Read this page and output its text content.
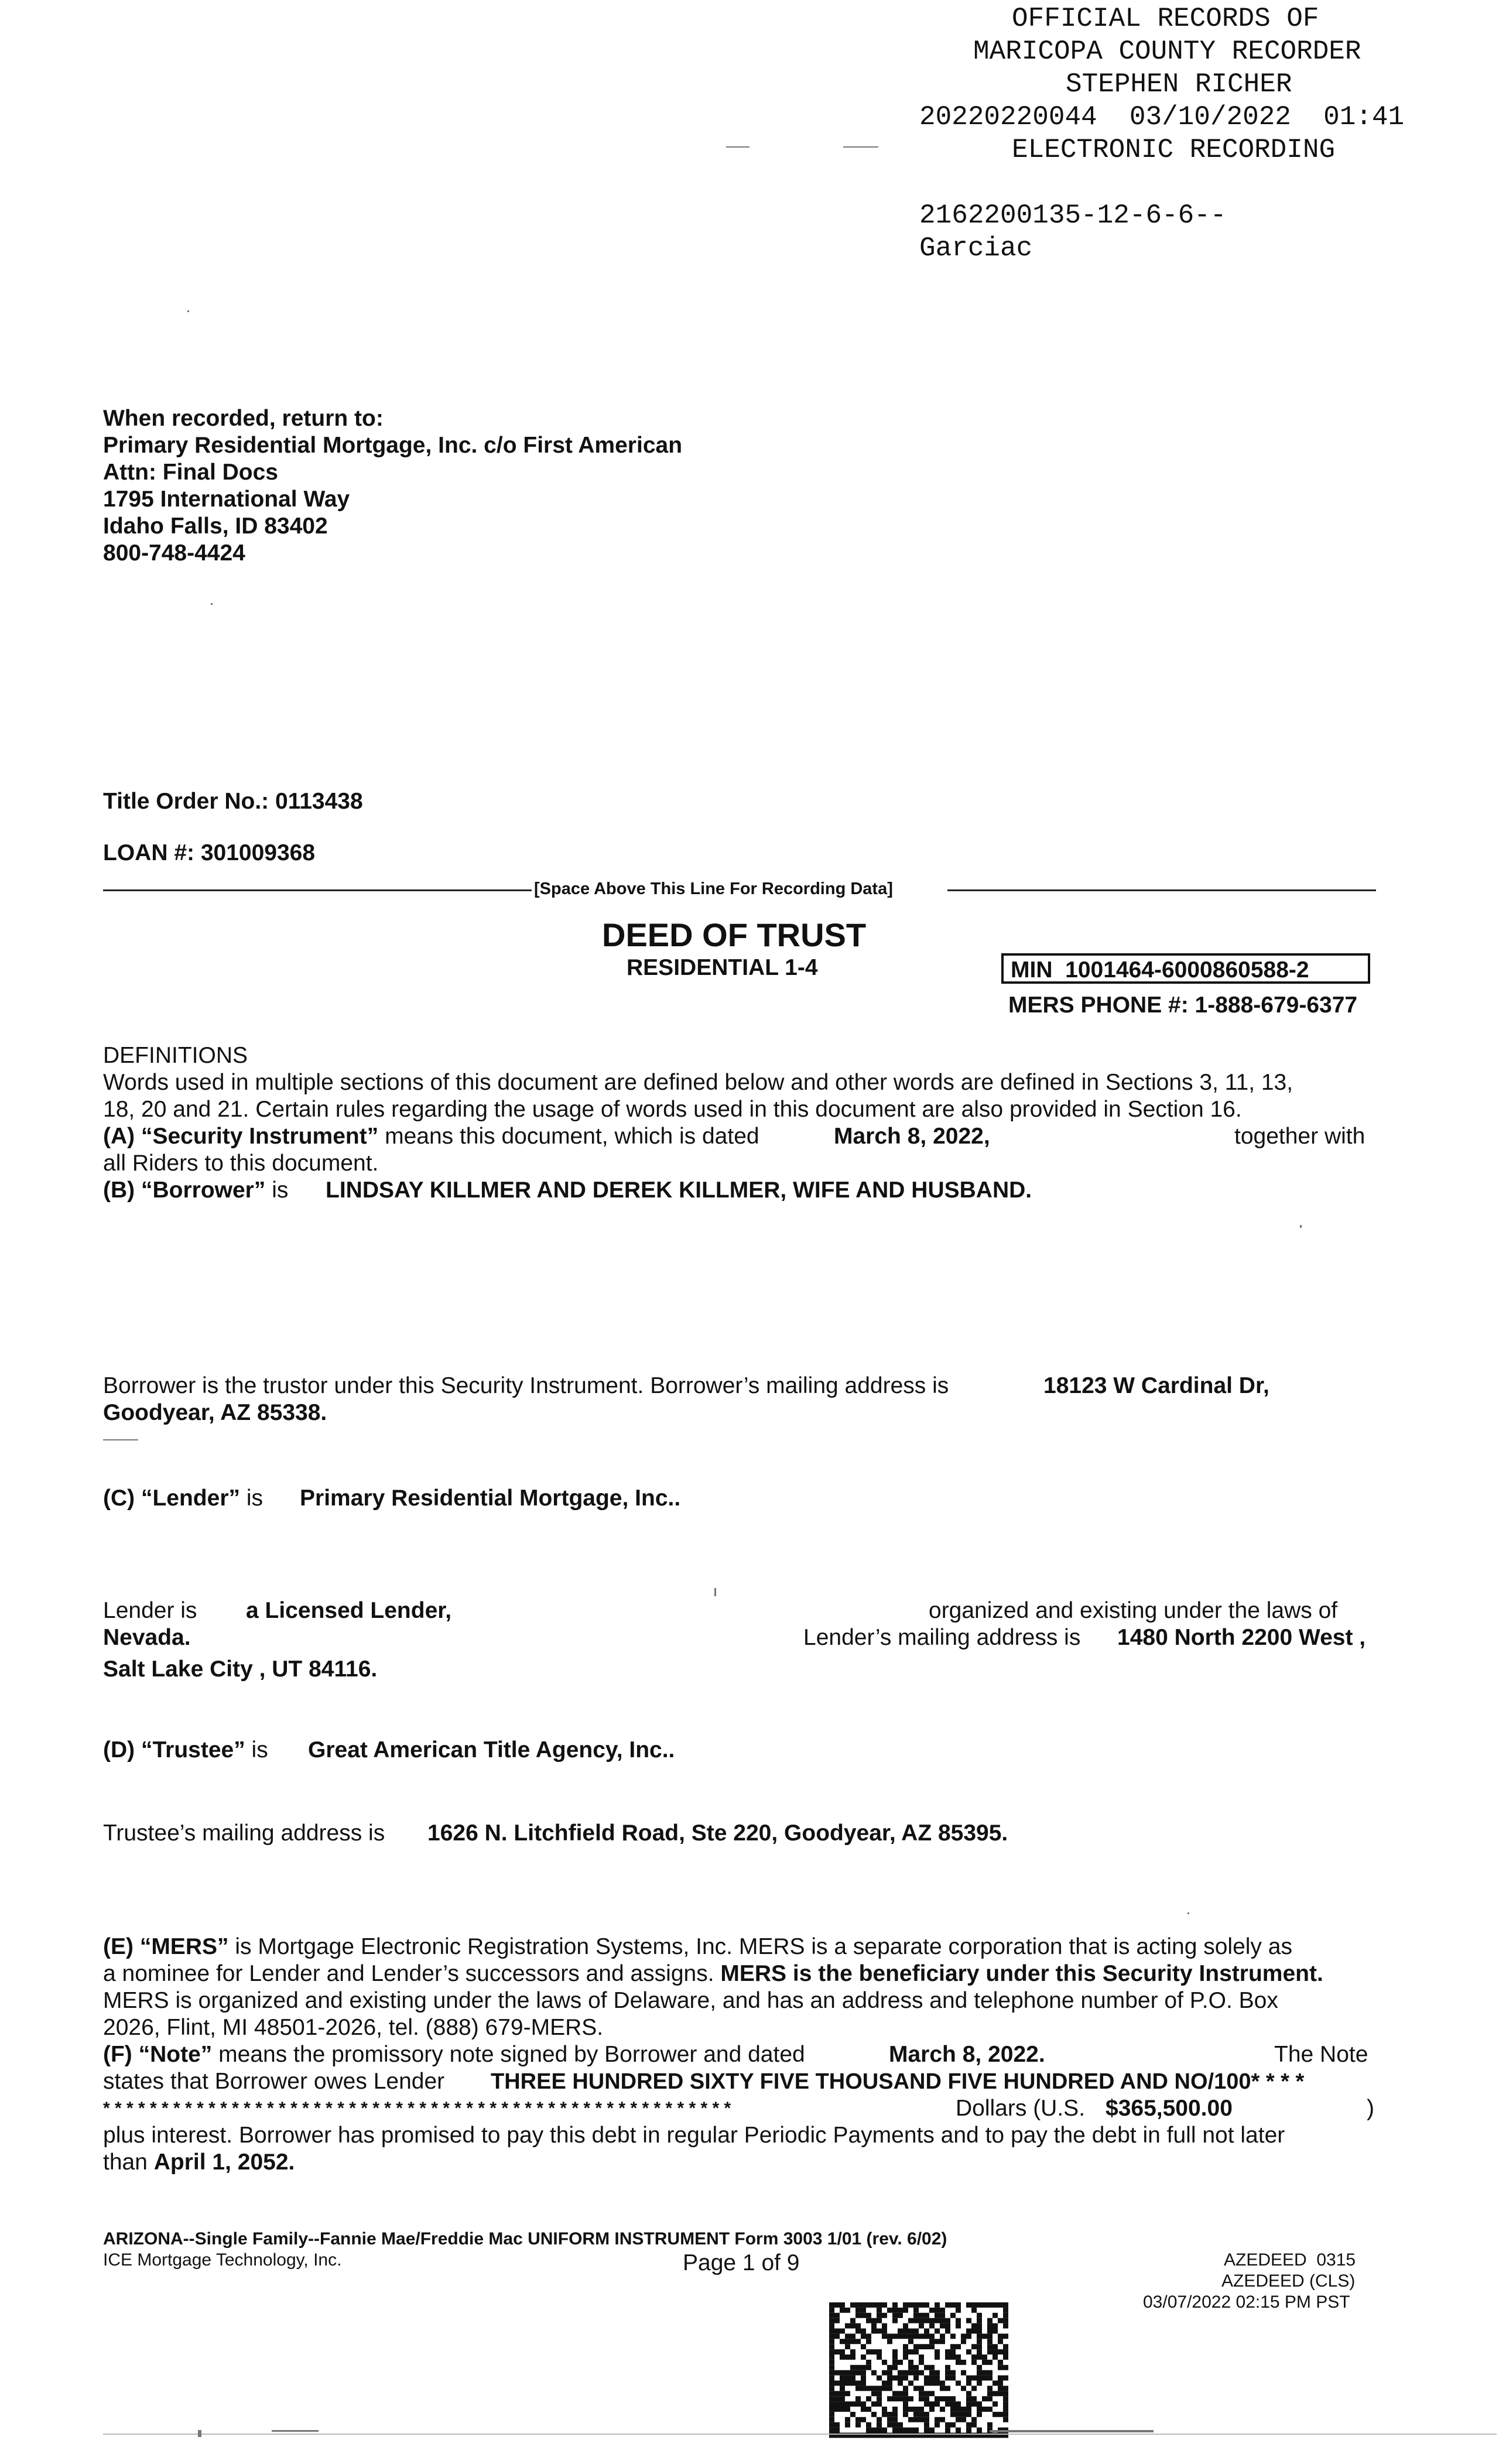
OFFICIAL RECORDS OF
MARICOPA COUNTY RECORDER
STEPHEN RICHER
20220220044  03/10/2022  01:41
ELECTRONIC RECORDING
2162200135-12-6-6--
Garciac
When recorded, return to:
Primary Residential Mortgage, Inc. c/o First American
Attn: Final Docs
1795 International Way
Idaho Falls, ID 83402
800-748-4424
Title Order No.: 0113438
LOAN #: 301009368
[Space Above This Line For Recording Data]
DEED OF TRUST
RESIDENTIAL 1-4	MIN 1001464-6000860588-2
MERS PHONE #: 1-888-679-6377
DEFINITIONS
Words used in multiple sections of this document are defined below and other words are defined in Sections 3, 11, 13,
18, 20 and 21. Certain rules regarding the usage of words used in this document are also provided in Section 16.
(A) “Security Instrument” means this document, which is dated	March 8, 2022,	together with
all Riders to this document.
(B) “Borrower” is LINDSAY KILLMER AND DEREK KILLMER, WIFE AND HUSBAND.
Borrower is the trustor under this Security Instrument. Borrower’s mailing address is	18123 W Cardinal Dr,
Goodyear, AZ 85338.
(C) “Lender” is Primary Residential Mortgage, Inc..
Lender is a Licensed Lender,	organized and existing under the laws of
Nevada.	Lender’s mailing address is 1480 North 2200 West ,
Salt Lake City , UT 84116.
(D) “Trustee” is Great American Title Agency, Inc..
Trustee’s mailing address is 1626 N. Litchfield Road, Ste 220, Goodyear, AZ 85395.
(E) “MERS” is Mortgage Electronic Registration Systems, Inc. MERS is a separate corporation that is acting solely as
a nominee for Lender and Lender’s successors and assigns. MERS is the beneficiary under this Security Instrument.
MERS is organized and existing under the laws of Delaware, and has an address and telephone number of P.O. Box
2026, Flint, MI 48501-2026, tel. (888) 679-MERS.
(F) “Note” means the promissory note signed by Borrower and dated	March 8, 2022.	The Note
states that Borrower owes Lender THREE HUNDRED SIXTY FIVE THOUSAND FIVE HUNDRED AND NO/100* * * *
* * * * * * * * * * * * * * * * * * * * * * * * * * * * * * * * * * * * * * * * * * * * * * * * * * * * * *	Dollars (U.S. $365,500.00	)
plus interest. Borrower has promised to pay this debt in regular Periodic Payments and to pay the debt in full not later
than April 1, 2052.
ARIZONA--Single Family--Fannie Mae/Freddie Mac UNIFORM INSTRUMENT Form 3003 1/01 (rev. 6/02)
ICE Mortgage Technology, Inc.	Page 1 of 9	AZEDEED  0315
AZEDEED (CLS)
03/07/2022 02:15 PM PST
